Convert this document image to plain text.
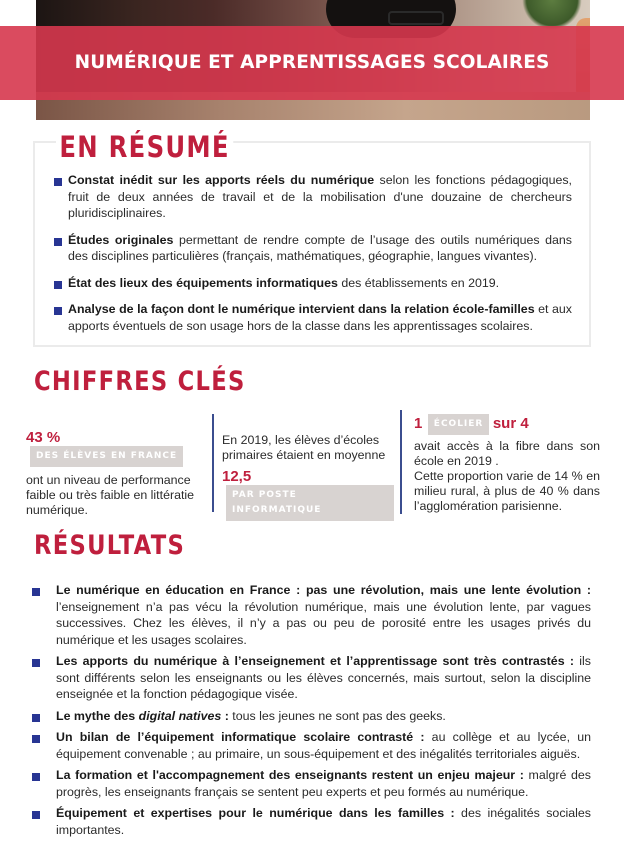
NUMÉRIQUE ET APPRENTISSAGES SCOLAIRES
EN RÉSUMÉ
Constat inédit sur les apports réels du numérique selon les fonctions pédagogiques, fruit de deux années de travail et de la mobilisation d'une douzaine de chercheurs pluridisciplinaires.
Études originales permettant de rendre compte de l’usage des outils numériques dans des disciplines particulières (français, mathématiques, géographie, langues vivantes).
État des lieux des équipements informatiques des établissements en 2019.
Analyse de la façon dont le numérique intervient dans la relation école-familles et aux apports éventuels de son usage hors de la classe dans les apprentissages scolaires.
CHIFFRES CLÉS
43 % DES ÉLÈVES EN FRANCE
ont un niveau de performance faible ou très faible en littératie numérique.
En 2019, les élèves d’écoles primaires étaient en moyenne
12,5 PAR POSTE INFORMATIQUE
1 ÉCOLIER sur 4
avait accès à la fibre dans son école en 2019 .
Cette proportion varie de 14 % en milieu rural, à plus de 40 % dans l’agglomération parisienne.
RÉSULTATS
Le numérique en éducation en France : pas une révolution, mais une lente évolution : l’enseignement n’a pas vécu la révolution numérique, mais une évolution lente, par vagues successives. Chez les élèves, il n’y a pas ou peu de porosité entre les usages privés du numérique et les usages scolaires.
Les apports du numérique à l’enseignement et l’apprentissage sont très contrastés : ils sont différents selon les enseignants ou les élèves concernés, mais surtout, selon la discipline enseignée et la fonction pédagogique visée.
Le mythe des digital natives : tous les jeunes ne sont pas des geeks.
Un bilan de l’équipement informatique scolaire contrasté : au collège et au lycée, un équipement convenable ; au primaire, un sous-équipement et des inégalités territoriales aiguës.
La formation et l'accompagnement des enseignants restent un enjeu majeur : malgré des progrès, les enseignants français se sentent peu experts et peu formés au numérique.
Équipement et expertises pour le numérique dans les familles : des inégalités sociales importantes.
